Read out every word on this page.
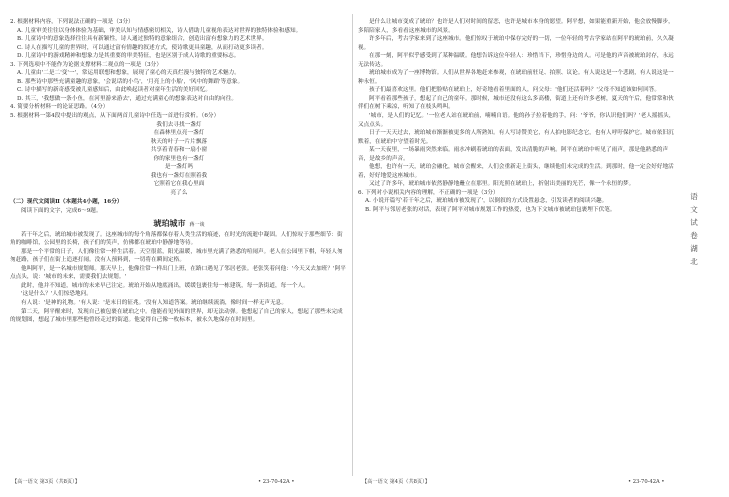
2. 根据材料内容，下列说法正确的一项是（3分）

A. 儿童审美往往以身体体验为基础，审美认知与情感密切相关，诗人借助儿童视角表达对世界的独特体验和感知。

B. 儿童诗中的意象选择往往具有新颖性，诗人通过独特的意象组合，创造出富有想象力的艺术世界。

C. 诗人在描写儿童的世界时，可以通过富有情趣的叙述方式，使诗歌更具童趣，从而打动更多读者。

D. 儿童诗中的游戏精神和想象力是其重要的审美特征，也是区别于成人诗歌的重要标志。

3. 下列选项中不能作为论据支撑材料二观点的一项是（3分）

A. 儿童由'二是二'变'一'，常运用联想和想象，展现了童心的天真烂漫与独特的艺术魅力。

B. 那些诗中那些充满童趣的意象，'会说话的小鸟'，'月亮上的小船'，'风中的舞蹈'等意象。

C. 诗中描写的新奇感受被儿童感知后，由此唤起读者对童年生活的美好回忆。

D. 其三，'我想做一条小鱼，在河里游来游去'，通过充满童心的想象表达对自由的向往。

4. 简要分析材料一的论证思路。（4分）

5. 根据材料一第4段中提出的观点，从下面两首儿童诗中任选一首进行赏析。（6分）

我们去寻找一盏灯

在森林里点亮一盏灯

秋天的叶子一片片飘落

共享着青春和一扇小窗

你的家里也有一盏灯

是一盏灯吗

我也有一盏灯在照着我

它照着它在我心里面

亮了么

（二）现代文阅读Ⅱ（本题共4小题，16分）

阅读下面的文字，完成6～9题。

琥珀城市 蒋一谈

若干年之后，琥珀城市被发现了。这座城市的每个角落都保存着人类生活的痕迹，在时光的流逝中凝固。人们惊叹于那些细节：街角的咖啡馆，公园里的长椅，孩子们的笑声，仿佛都在琥珀中静静地等待。

那是一个平常的日子，人们像往常一样生活着。天空很蓝，阳光温暖，城市里充满了熟悉的喧闹声。老人在公园里下棋，年轻人匆匆赶路，孩子们在街上追逐打闹。没有人预料到，一切将在瞬间定格。

他叫阿平，是一名城市规划师。那天早上，他像往常一样出门上班，在路口遇见了邻居老张。老张笑着问他：'今天又去加班？'阿平点点头，说：'城市的未来，需要我们去规划。'

此时，他并不知道，城市的未来早已注定。琥珀开始从地底涌出，缓缓包裹住每一栋建筑，每一条街道，每一个人。

'这是什么？'人们惊恐地问。

有人说：'是神的礼物。'有人说：'是末日的征兆。'没有人知道答案。琥珀继续流淌，像时间一样无声无息。

第二天，阿平醒来时，发现自己被包裹在琥珀之中。他能看见外面的世界，却无法动弹。他想起了自己的家人，想起了那些未完成的规划图，想起了城市里那些他曾经走过的街道。他觉得自己像一枚标本，被永久地保存在时间里。

是什么让城市变成了琥珀？也许是人们对时间的留恋，也许是城市本身的愿望。阿平想，如果能重新开始，他会放慢脚步，多陪陪家人，多看看这座城市的风景。

许多年后，考古学家来到了这座城市。他们惊叹于琥珀中保存完好的一切，一位年轻的考古学家站在阿平的琥珀前，久久凝视。

在那一刻，阿平似乎感受到了某种温暖。他想告诉这位年轻人：珍惜当下，珍惜身边的人。可是他的声音被琥珀封存，永远无法传达。

琥珀城市成为了一座博物馆。人们从世界各地赶来参观，在琥珀前驻足、拍照、议论。有人说这是一个悲剧，有人说这是一种永恒。

孩子们最喜欢这里。他们把脸贴在琥珀上，好奇地看着里面的人，问父母：'他们还活着吗？'父母不知道该如何回答。

阿平看着那些孩子，想起了自己的童年。那时候，城市还没有这么多高楼，街道上还有许多老树，夏天的午后，他常常和伙伴们在树下乘凉，听知了在枝头鸣叫。

'城市，是人们的记忆。'一位老人站在琥珀前，喃喃自语。他的孙子拉着他的手，问：'爷爷，你认识他们吗？'老人摇摇头，又点点头。

日子一天天过去，琥珀城市渐渐被更多的人所熟知。有人写诗赞美它，有人拍电影纪念它，也有人呼吁保护它。城市依旧沉默着，在琥珀中守望着时光。

某一天夜里，一场暴雨突然来临。雨水冲刷着琥珀的表面，发出清脆的声响。阿平在琥珀中听见了雨声，那是他熟悉的声音，是故乡的声音。

他想，也许有一天，琥珀会融化，城市会醒来，人们会重新走上街头，继续他们未完成的生活。到那时，他一定会好好地活着，好好地爱这座城市。

又过了许多年，琥珀城市依然静静地矗立在那里。阳光照在琥珀上，折射出美丽的光芒，像一个永恒的梦。

6. 下列对小说相关内容的理解，不正确的一项是（3分）

A. 小说开篇写'若干年之后，琥珀城市被发现了'，以倒叙的方式设置悬念，引发读者的阅读兴趣。

B. 阿平与邻居老张的对话，表现了阿平对城市规划工作的热爱，也为下文城市被琥珀包裹埋下伏笔。

语
文
试
卷
湖
北
【高一语文 第3页（共8页）】	• 23-70-42A •	【高一语文 第4页（共8页）】	• 23-70-42A •
